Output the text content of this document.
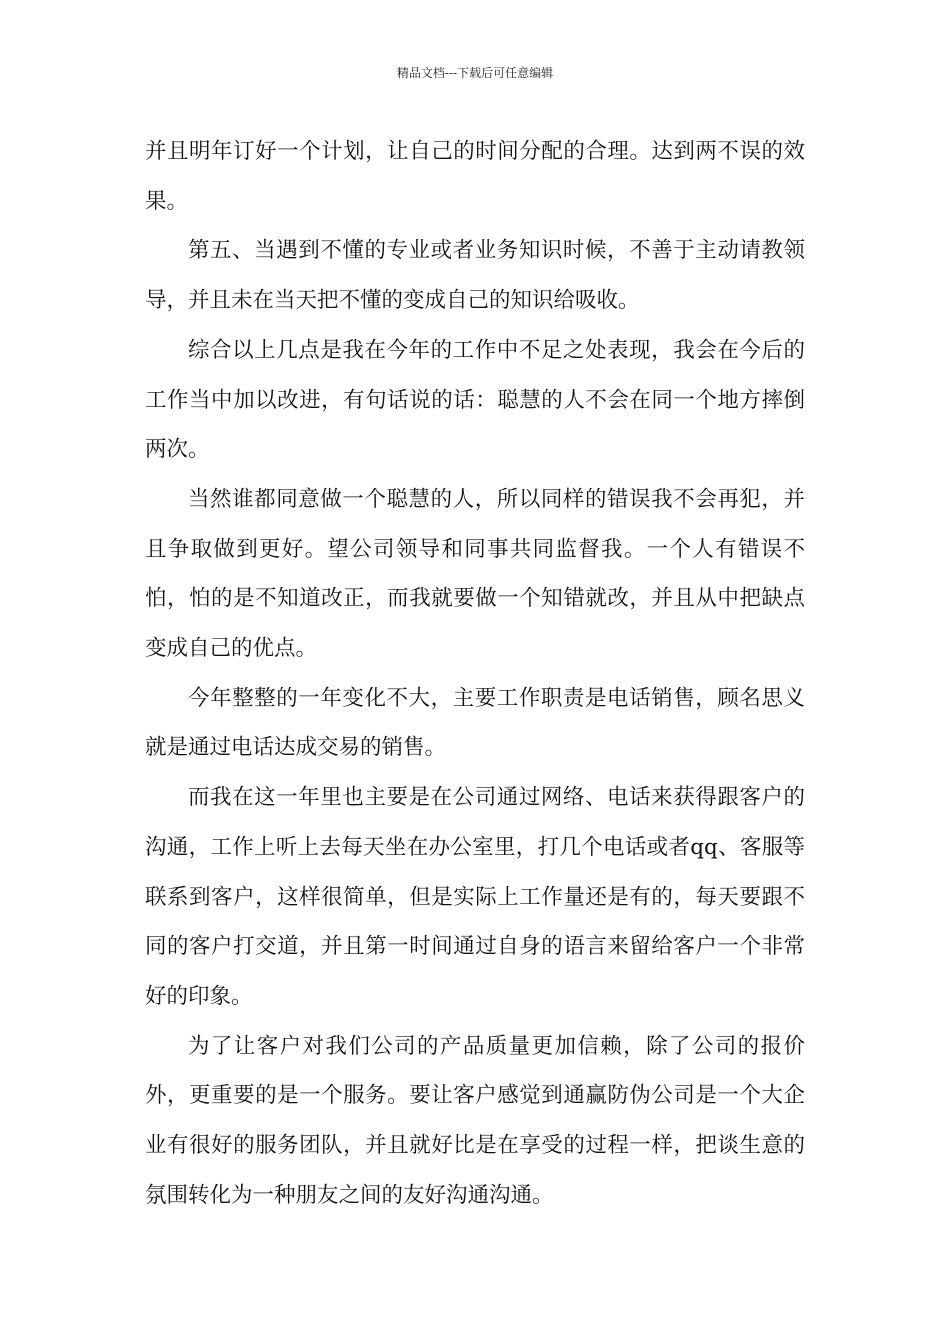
精品文档---下载后可任意编辑

并且明年订好一个计划，让自己的时间分配的合理。达到两不误的效果。

第五、当遇到不懂的专业或者业务知识时候，不善于主动请教领导，并且未在当天把不懂的变成自己的知识给吸收。

综合以上几点是我在今年的工作中不足之处表现，我会在今后的工作当中加以改进，有句话说的话：聪慧的人不会在同一个地方摔倒两次。

当然谁都同意做一个聪慧的人，所以同样的错误我不会再犯，并且争取做到更好。望公司领导和同事共同监督我。一个人有错误不怕，怕的是不知道改正，而我就要做一个知错就改，并且从中把缺点变成自己的优点。

今年整整的一年变化不大，主要工作职责是电话销售，顾名思义就是通过电话达成交易的销售。

而我在这一年里也主要是在公司通过网络、电话来获得跟客户的沟通，工作上听上去每天坐在办公室里，打几个电话或者qq、客服等联系到客户，这样很简单，但是实际上工作量还是有的，每天要跟不同的客户打交道，并且第一时间通过自身的语言来留给客户一个非常好的印象。

为了让客户对我们公司的产品质量更加信赖，除了公司的报价外，更重要的是一个服务。要让客户感觉到通赢防伪公司是一个大企业有很好的服务团队，并且就好比是在享受的过程一样，把谈生意的氛围转化为一种朋友之间的友好沟通沟通。
